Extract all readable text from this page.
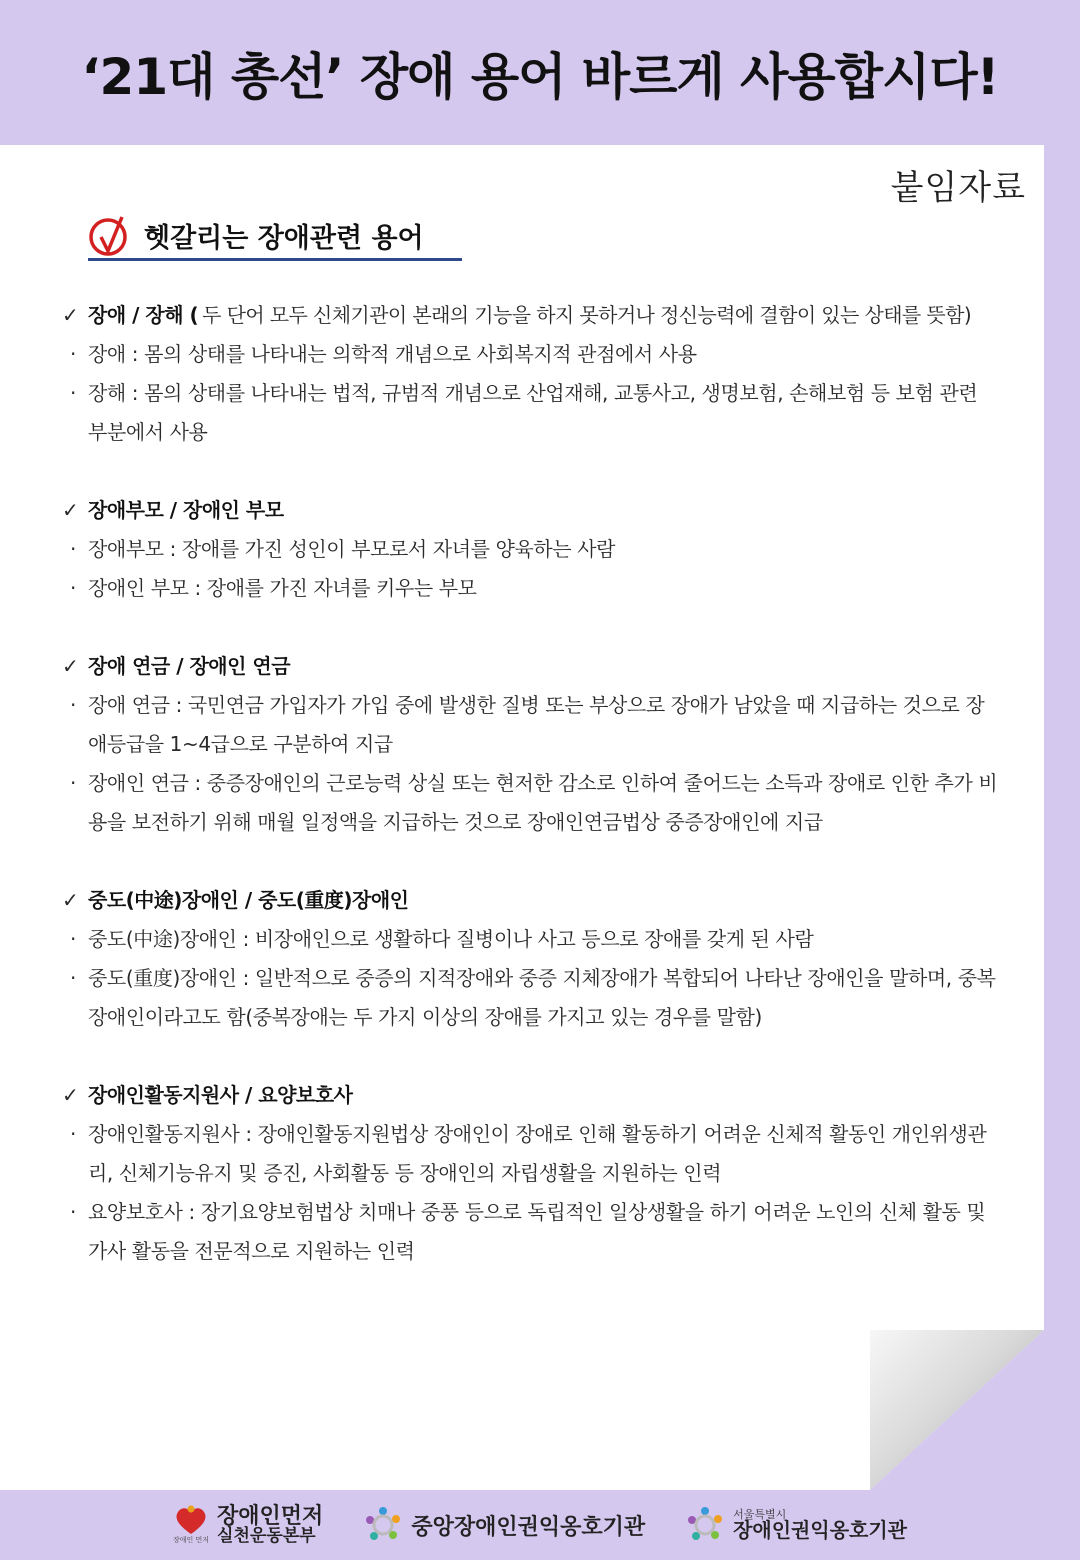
‘21대 총선’ 장애 용어 바르게 사용합시다!
붙임자료
헷갈리는 장애관련 용어
✓ 장애 / 장해 ( 두 단어 모두 신체기관이 본래의 기능을 하지 못하거나 정신능력에 결함이 있는 상태를 뜻함)
· 장애 : 몸의 상태를 나타내는 의학적 개념으로 사회복지적 관점에서 사용
· 장해 : 몸의 상태를 나타내는 법적, 규범적 개념으로 산업재해, 교통사고, 생명보험, 손해보험 등 보험 관련 부분에서 사용
✓ 장애부모 / 장애인 부모
· 장애부모 : 장애를 가진 성인이 부모로서 자녀를 양육하는 사람
· 장애인 부모 : 장애를 가진 자녀를 키우는 부모
✓ 장애 연금 / 장애인 연금
· 장애 연금 : 국민연금 가입자가 가입 중에 발생한 질병 또는 부상으로 장애가 남았을 때 지급하는 것으로 장애등급을 1~4급으로 구분하여 지급
· 장애인 연금 : 중증장애인의 근로능력 상실 또는 현저한 감소로 인하여 줄어드는 소득과 장애로 인한 추가 비용을 보전하기 위해 매월 일정액을 지급하는 것으로 장애인연금법상 중증장애인에 지급
✓ 중도(中途)장애인 / 중도(重度)장애인
· 중도(中途)장애인 : 비장애인으로 생활하다 질병이나 사고 등으로 장애를 갖게 된 사람
· 중도(重度)장애인 : 일반적으로 중증의 지적장애와 중증 지체장애가 복합되어 나타난 장애인을 말하며, 중복장애인이라고도 함(중복장애는 두 가지 이상의 장애를 가지고 있는 경우를 말함)
✓ 장애인활동지원사 / 요양보호사
· 장애인활동지원사 : 장애인활동지원법상 장애인이 장애로 인해 활동하기 어려운 신체적 활동인 개인위생관리, 신체기능유지 및 증진, 사회활동 등 장애인의 자립생활을 지원하는 인력
· 요양보호사 : 장기요양보험법상 치매나 중풍 등으로 독립적인 일상생활을 하기 어려운 노인의 신체 활동 및 가사 활동을 전문적으로 지원하는 인력
장애인 먼저
장애인먼저
실천운동본부	중앙장애인권익옹호기관
서울특별시
장애인권익옹호기관
